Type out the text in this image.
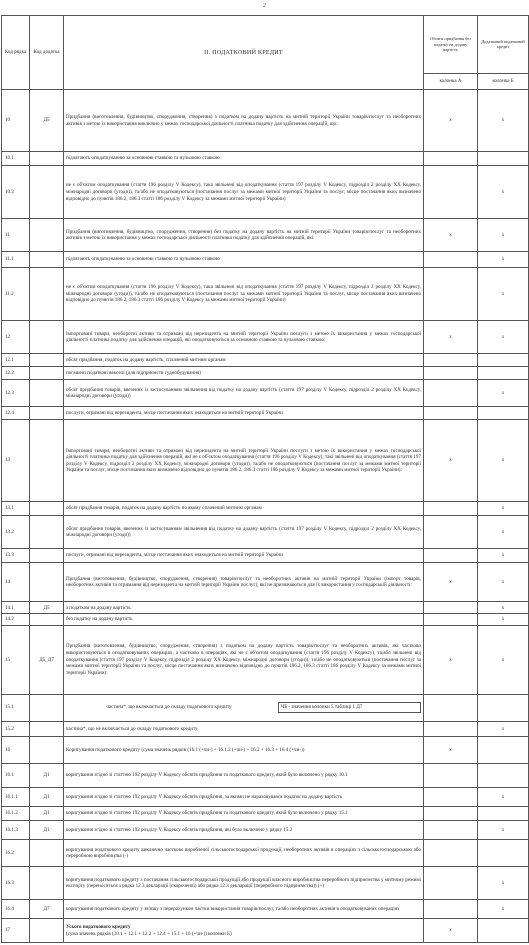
2
Код рядка	Код додатка	II. ПОДАТКОВИЙ КРЕДИТ	Обсяги придбання без податку на додану вартість	Додатковий податковий кредит
			колонка А	колонка Б
10	Д5	Придбання (виготовлення, будівництво, спорудження, створення) з податком на додану вартість на митній території України товарів/послуг та необоротних активів з метою їх використання виключно у межах господарської діяльності платника податку для здійснення операцій, що:	x	x
10.1		підлягають оподаткуванню за основною ставкою та нульовою ставкою		
10.2		не є об'єктом оподаткування (стаття 196 розділу V Кодексу), така звільнені від оподаткування (стаття 197 розділу V Кодексу, підрозділ 2 розділу XX Кодексу, міжнародні договори (угоди)), та/або не оподатковуються (постачання послуг за межами митної території України та послуг, місце постачання яких визначено відповідно до пунктів 186.2, 186.3 статті 186 розділу V Кодексу за межами митної території України)		x
11		Придбання (виготовлення, будівництво, спорудження, створення) без податку на додану вартість на митній території України товарів/послуг та необоротних активів з метою їх використання у межах господарської діяльності платника податку для здійснення операцій, які:	x	x
11.1		підлягають оподаткуванню за основною ставкою та нульовою ставкою		x
11.2		не є об'єктом оподаткування (стаття 196 розділу V Кодексу), така звільнені від оподаткування (стаття 197 розділу V Кодексу, підрозділ 2 розділу XX Кодексу, міжнародні договори (угоди)), та/або не оподатковуються (постачання послуг за межами митної території України та послуг, місце постачання яких визначено відповідно до пунктів 186.2, 186.3 статті 186 розділу V Кодексу за межами митної території України)		x
12		Імпортовані товари, необоротні активи та отримані від нерезидента на митній території України послуги з метою їх використання у межах господарської діяльності платника податку для здійснення операцій, які оподатковуються за основною ставкою та нульовою ставкою:	x	x
12.1		обсяг придбання, податок на додану вартість, сплачений митним органам		
12.2		погашені податкові векселі (для підприємств суднобудування)		
12.3		обсяг придбання товарів, ввезених із застосуванням звільнення від податку на додану вартість (стаття 197 розділу V Кодексу, підрозділ 2 розділу XX Кодексу, міжнародні договори (угоди))		x
12.4		послуги, отримані від нерезидента, місце постачання яких знаходиться на митній території України		
13		Імпортовані товари, необоротні активи та отримані від нерезидента на митній території України послуги з метою їх використання у межах господарської діяльності платника податку для здійснення операцій, які не є об'єктом оподаткування (стаття 196 розділу V Кодексу), такі звільнені від оподаткування (стаття 197 розділу V Кодексу, підрозділ 2 розділу XX Кодексу, міжнародні договори (угоди)), та/або не оподатковуються (постачання послуг за межами митної території України та послуг, місце постачання яких визначено відповідно до пунктів 186.2, 186.3 статті 186 розділу V Кодексу за межами митної території України):	x	x
13.1		обсяг придбання товарів, податок на додану вартість по якому сплачений митним органам		x
13.2		обсяг придбання товарів, ввезених із застосуванням звільнення від податку на додану вартість (стаття 197 розділу V Кодексу, підрозділ 2 розділу XX Кодексу, міжнародні договори (угоди))		x
13.3		послуги, отримані від нерезидента, місце постачання яких знаходиться на митній території України		x
14		Придбання (виготовлення, будівництво, спорудження, створення) товарів/послуг та необоротних активів на митній території України (імпорт товарів, необоротних активів та отримання від нерезидента на митній території України послуг), які не призначаються для їх використання у господарській діяльності:	x	x
14.1	Д5	з податком на додану вартість		x
14.2		без податку на додану вартість		x
15	Д5, Д7	Придбання (виготовлення, будівництво, спорудження, створення) з податком на додану вартість товарів/послуг та необоротних активів, які частково використовуються в оподатковуваних операціях, а частково в операціях, які не є об'єктом оподаткування (стаття 196 розділу V Кодексу), та/або звільнені від оподаткування (стаття 197 розділу V Кодексу, підрозділ 2 розділу XX Кодексу, міжнародні договори (угоди)), та/або не оподатковуються (постачання послуг за межами митної території України та послуг, місце постачання яких визначено відповідно до пунктів 186.2, 186.3 статті 186 розділу V Кодексу за межами митної території України):	x	x
15.1		частина*, що включається до складу податкового кредиту ЧБ - значення колонки 5 таблиці 1 Д7		

15.2		частина*, що не включається до складу податкового кредиту		x
16		Коригування податкового кредиту (сума значень рядків (16.1 (+чи-) + 16.1.2 (+чи-) + 16.2 + 16.3 + 16.4 (+чи-))	x	
16.1	Д1	коригування згідно зі статтею 192 розділу V Кодексу обсягів придбання та податкового кредиту, який було включено у рядку 10.1		
16.1.1	Д1	коригування згідно зі статтею 192 розділу V Кодексу обсягів придбання, за якими не нараховувався податок на додану вартість		x
16.1.2	Д1	коригування згідно зі статтею 192 розділу V Кодексу обсягів придбання та податкового кредиту, який було включено у рядку 15.1		
16.1.3	Д1	коригування згідно зі статтею 192 розділу V Кодексу обсягів придбання, які було включено у рядку 15.2		x
16.2		коригування податкового кредиту виключно частково виробленої сільськогосподарської продукції, необоротних активів в операціях з сільськогосподарською або переробною виробництва (-)		
16.3		коригування податкового кредиту з постачання сільськогосподарської продукції або продукції власного виробництва переробного підприємства у митному режимі експорту (переноситься з рядка 12.3 декларації (скороченої) або рядка 12.3 декларації (переробного підприємства)) (+)		x
16.4	Д7	коригування податкового кредиту у зв'язку з перерахунком частки використання товарів/послуг, та/або необоротних активів в оподатковуваних операціях		x
17		Усього податкового кредиту
(сума значень рядків (10.1 + 12.1 + 12.2 + 12.4 + 15.1 + 16 (+чи-)) колонки Б)	x	
